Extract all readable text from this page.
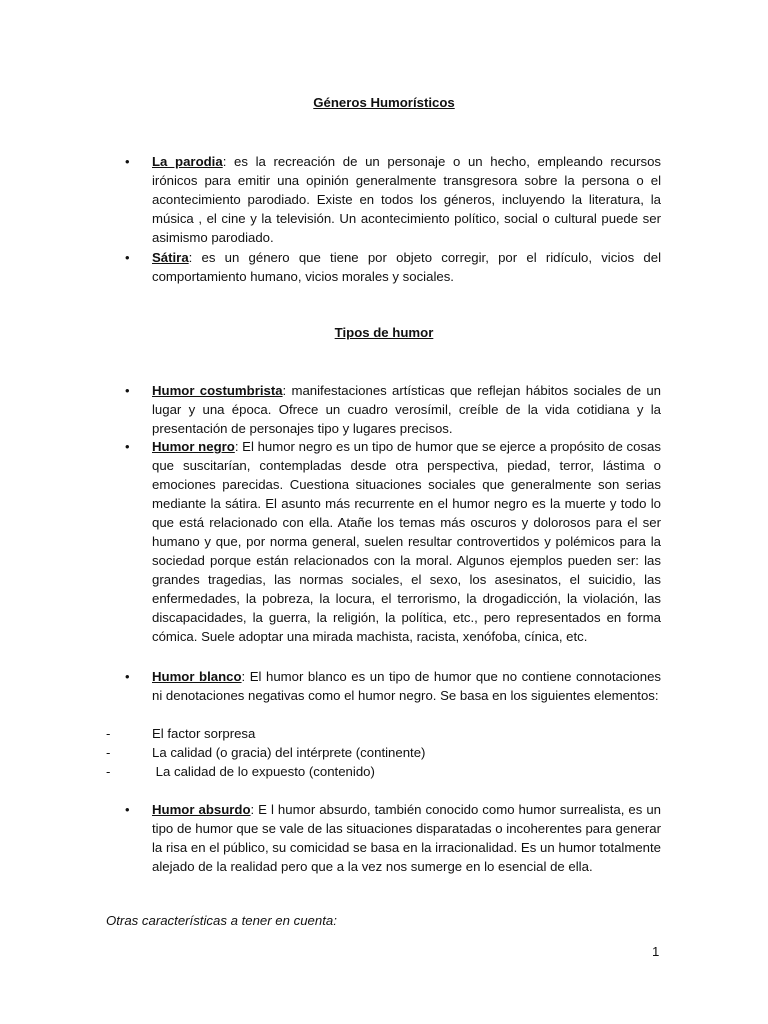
Géneros Humorísticos
• La parodia: es la recreación de un personaje o un hecho, empleando recursos irónicos para emitir una opinión generalmente transgresora sobre la persona o el acontecimiento parodiado. Existe en todos los géneros, incluyendo la literatura, la música , el cine y la televisión. Un acontecimiento político, social o cultural puede ser asimismo parodiado.

• Sátira: es un género que tiene por objeto corregir, por el ridículo, vicios del comportamiento humano, vicios morales y sociales.

Tipos de humor
• Humor costumbrista: manifestaciones artísticas que reflejan hábitos sociales de un lugar y una época. Ofrece un cuadro verosímil, creíble de la vida cotidiana y la presentación de personajes tipo y lugares precisos.

• Humor negro: El humor negro es un tipo de humor que se ejerce a propósito de cosas que suscitarían, contempladas desde otra perspectiva, piedad, terror, lástima o emociones parecidas. Cuestiona situaciones sociales que generalmente son serias mediante la sátira. El asunto más recurrente en el humor negro es la muerte y todo lo que está relacionado con ella. Atañe los temas más oscuros y dolorosos para el ser humano y que, por norma general, suelen resultar controvertidos y polémicos para la sociedad porque están relacionados con la moral. Algunos ejemplos pueden ser: las grandes tragedias, las normas sociales, el sexo, los asesinatos, el suicidio, las enfermedades, la pobreza, la locura, el terrorismo, la drogadicción, la violación, las discapacidades, la guerra, la religión, la política, etc., pero representados en forma cómica. Suele adoptar una mirada machista, racista, xenófoba, cínica, etc.

• Humor blanco: El humor blanco es un tipo de humor que no contiene connotaciones ni denotaciones negativas como el humor negro. Se basa en los siguientes elementos:

-	El factor sorpresa
-	La calidad (o gracia) del intérprete (continente)
-	La calidad de lo expuesto (contenido)
• Humor absurdo: E l humor absurdo, también conocido como humor surrealista, es un tipo de humor que se vale de las situaciones disparatadas o incoherentes para generar la risa en el público, su comicidad se basa en la irracionalidad. Es un humor totalmente alejado de la realidad pero que a la vez nos sumerge en lo esencial de ella.

Otras características a tener en cuenta:
1
